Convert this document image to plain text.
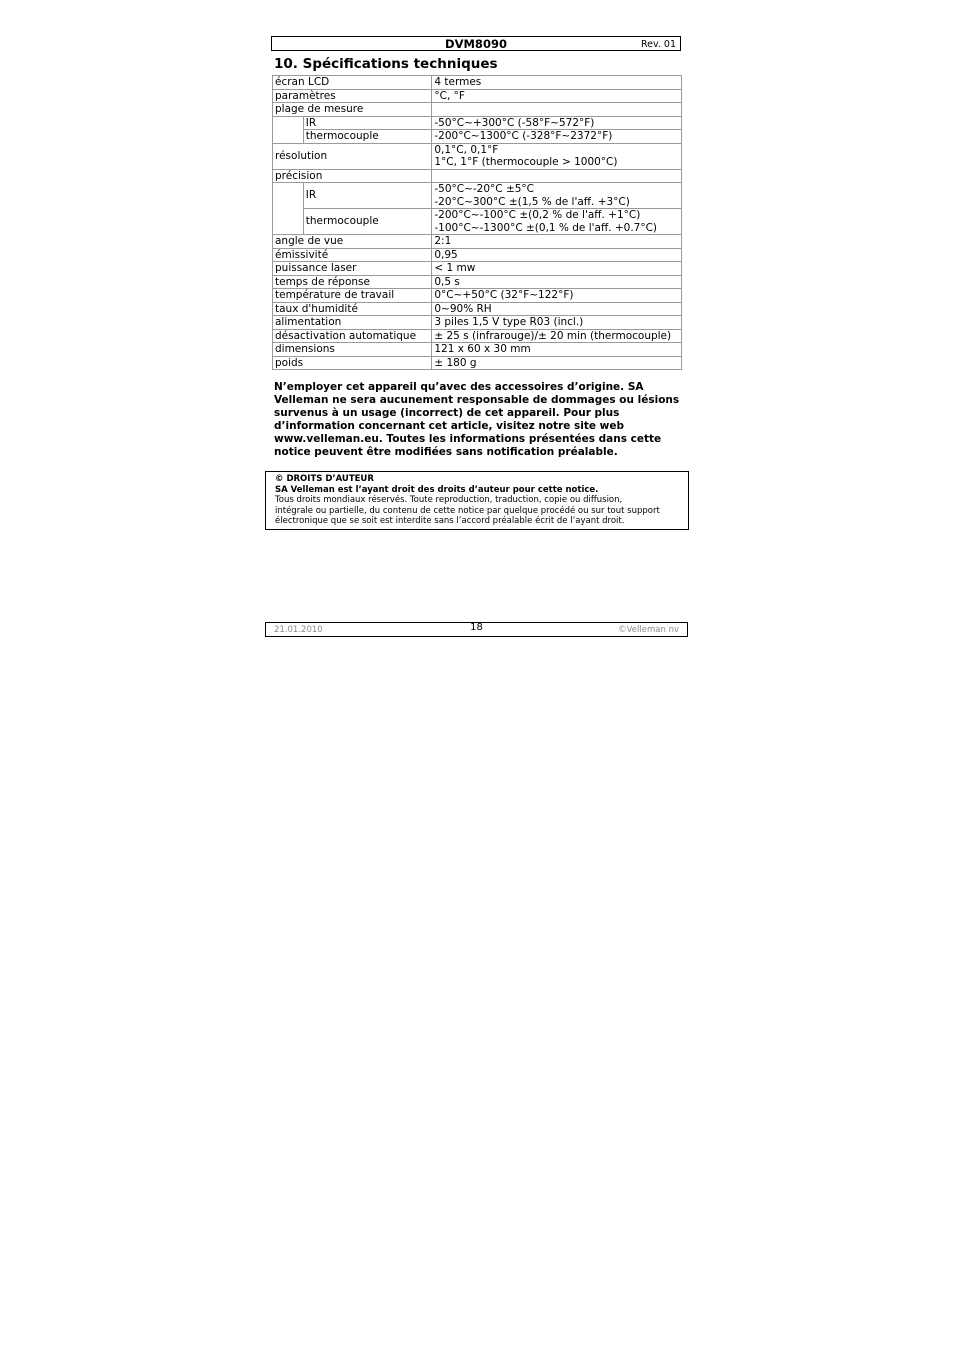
DVM8090	Rev. 01
10. Spécifications techniques
écran LCD		4 termes
paramètres		°C, °F
plage de mesure		
	IR	-50°C~+300°C (-58°F~572°F)
	thermocouple	-200°C~1300°C (-328°F~2372°F)
résolution		0,1°C, 0,1°F
1°C, 1°F (thermocouple > 1000°C)

précision		
	IR	-50°C~-20°C ±5°C
-20°C~300°C ±(1,5 % de l'aff. +3°C)

	thermocouple	-200°C~-100°C ±(0,2 % de l'aff. +1°C)
-100°C~-1300°C ±(0,1 % de l'aff. +0.7°C)

angle de vue		2:1
émissivité		0,95
puissance laser		< 1 mw
temps de réponse		0,5 s
température de travail		0°C~+50°C (32°F~122°F)
taux d'humidité		0~90% RH
alimentation		3 piles 1,5 V type R03 (incl.)
désactivation automatique		± 25 s (infrarouge)/± 20 min (thermocouple)
dimensions		121 x 60 x 30 mm
poids		± 180 g
N’employer cet appareil qu’avec des accessoires d’origine. SA
Velleman ne sera aucunement responsable de dommages ou lésions
survenus à un usage (incorrect) de cet appareil. Pour plus
d’information concernant cet article, visitez notre site web
www.velleman.eu. Toutes les informations présentées dans cette
notice peuvent être modifiées sans notification préalable.
© DROITS D’AUTEUR
SA Velleman est l’ayant droit des droits d’auteur pour cette notice.
Tous droits mondiaux réservés. Toute reproduction, traduction, copie ou diffusion,
intégrale ou partielle, du contenu de cette notice par quelque procédé ou sur tout support
électronique que se soit est interdite sans l’accord préalable écrit de l’ayant droit.
21.01.2010	18	©Velleman nv
